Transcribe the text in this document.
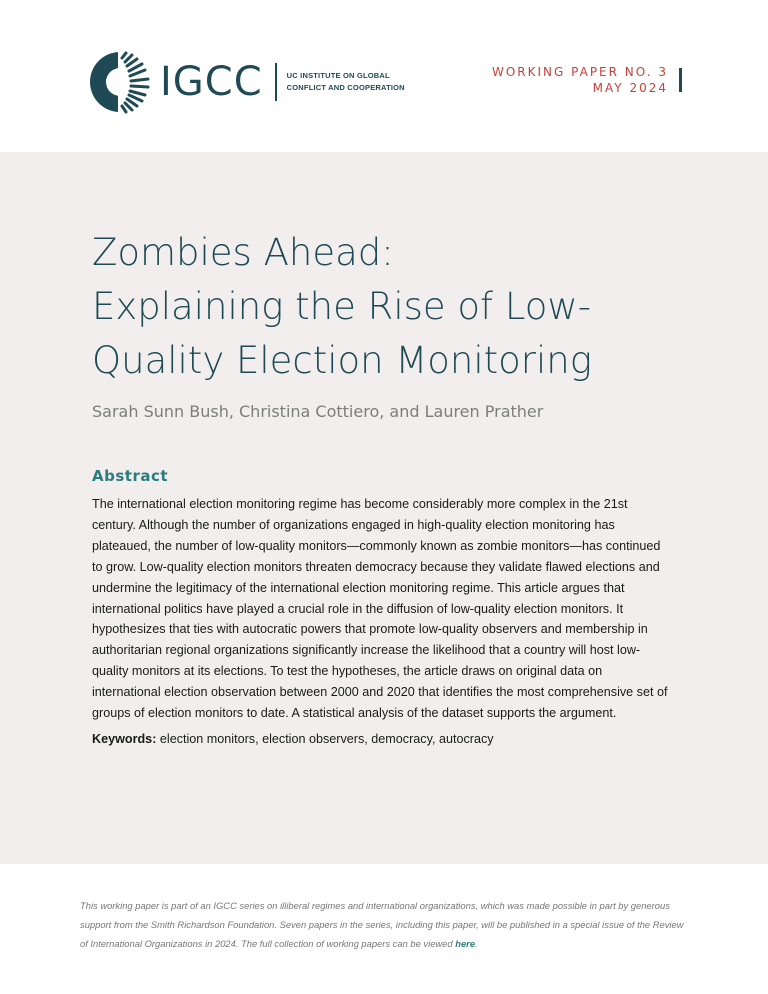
IGCC	UC INSTITUTE ON GLOBAL
CONFLICT AND COOPERATION
WORKING PAPER NO. 3
MAY 2024
Zombies Ahead:
Explaining the Rise of Low-
Quality Election Monitoring

Sarah Sunn Bush, Christina Cottiero, and Lauren Prather

Abstract

The international election monitoring regime has become considerably more complex in the 21st century. Although the number of organizations engaged in high-quality election monitoring has plateaued, the number of low-quality monitors—commonly known as zombie monitors—has continued to grow. Low-quality election monitors threaten democracy because they validate flawed elections and undermine the legitimacy of the international election monitoring regime. This article argues that international politics have played a crucial role in the diffusion of low-quality election monitors. It hypothesizes that ties with autocratic powers that promote low-quality observers and membership in authoritarian regional organizations significantly increase the likelihood that a country will host low-quality monitors at its elections. To test the hypotheses, the article draws on original data on international election observation between 2000 and 2020 that identifies the most comprehensive set of groups of election monitors to date. A statistical analysis of the dataset supports the argument.

Keywords: election monitors, election observers, democracy, autocracy

This working paper is part of an IGCC series on illiberal regimes and international organizations, which was made possible in part by generous support from the Smith Richardson Foundation. Seven papers in the series, including this paper, will be published in a special issue of the Review of International Organizations in 2024. The full collection of working papers can be viewed here.
